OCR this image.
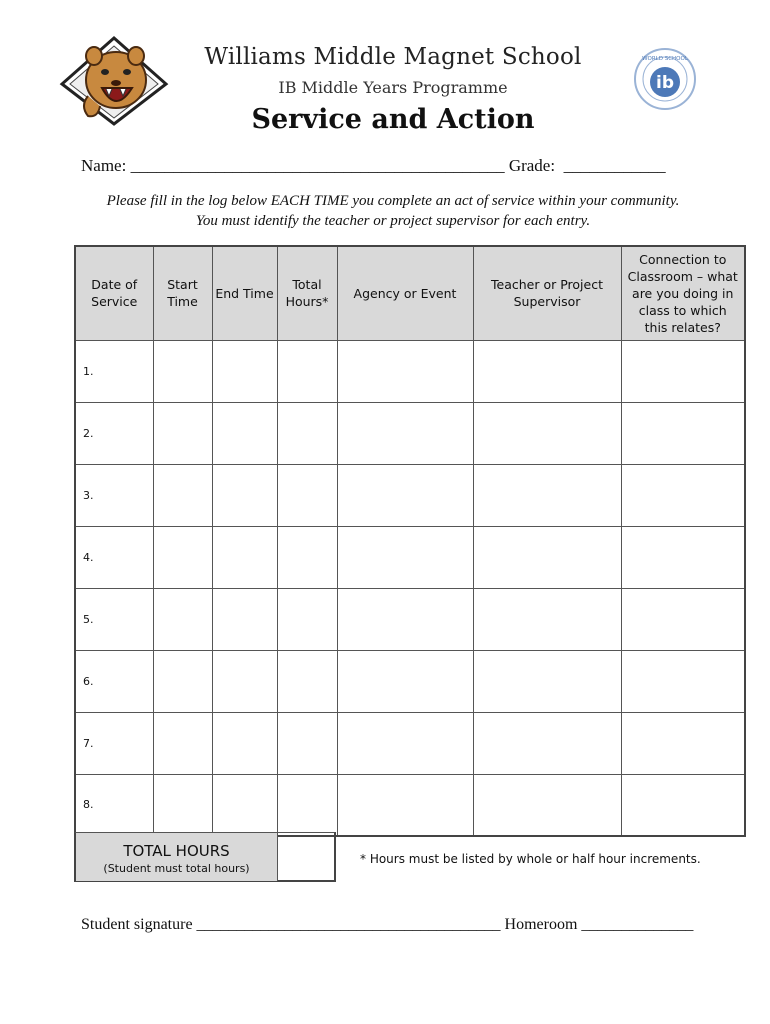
ib
WORLD SCHOOL
Williams Middle Magnet School
IB Middle Years Programme
Service and Action
Name: ____________________________________________ Grade: ____________
Please fill in the log below EACH TIME you complete an act of service within your community.
You must identify the teacher or project supervisor for each entry.
Date of Service	Start Time	End Time	Total Hours*	Agency or Event	Teacher or Project Supervisor	Connection to Classroom – what are you doing in class to which this relates?
1.						
2.						
3.						
4.						
5.						
6.						
7.						
8.						
TOTAL HOURS
(Student must total hours)
* Hours must be listed by whole or half hour increments.
Student signature ______________________________________ Homeroom ______________
